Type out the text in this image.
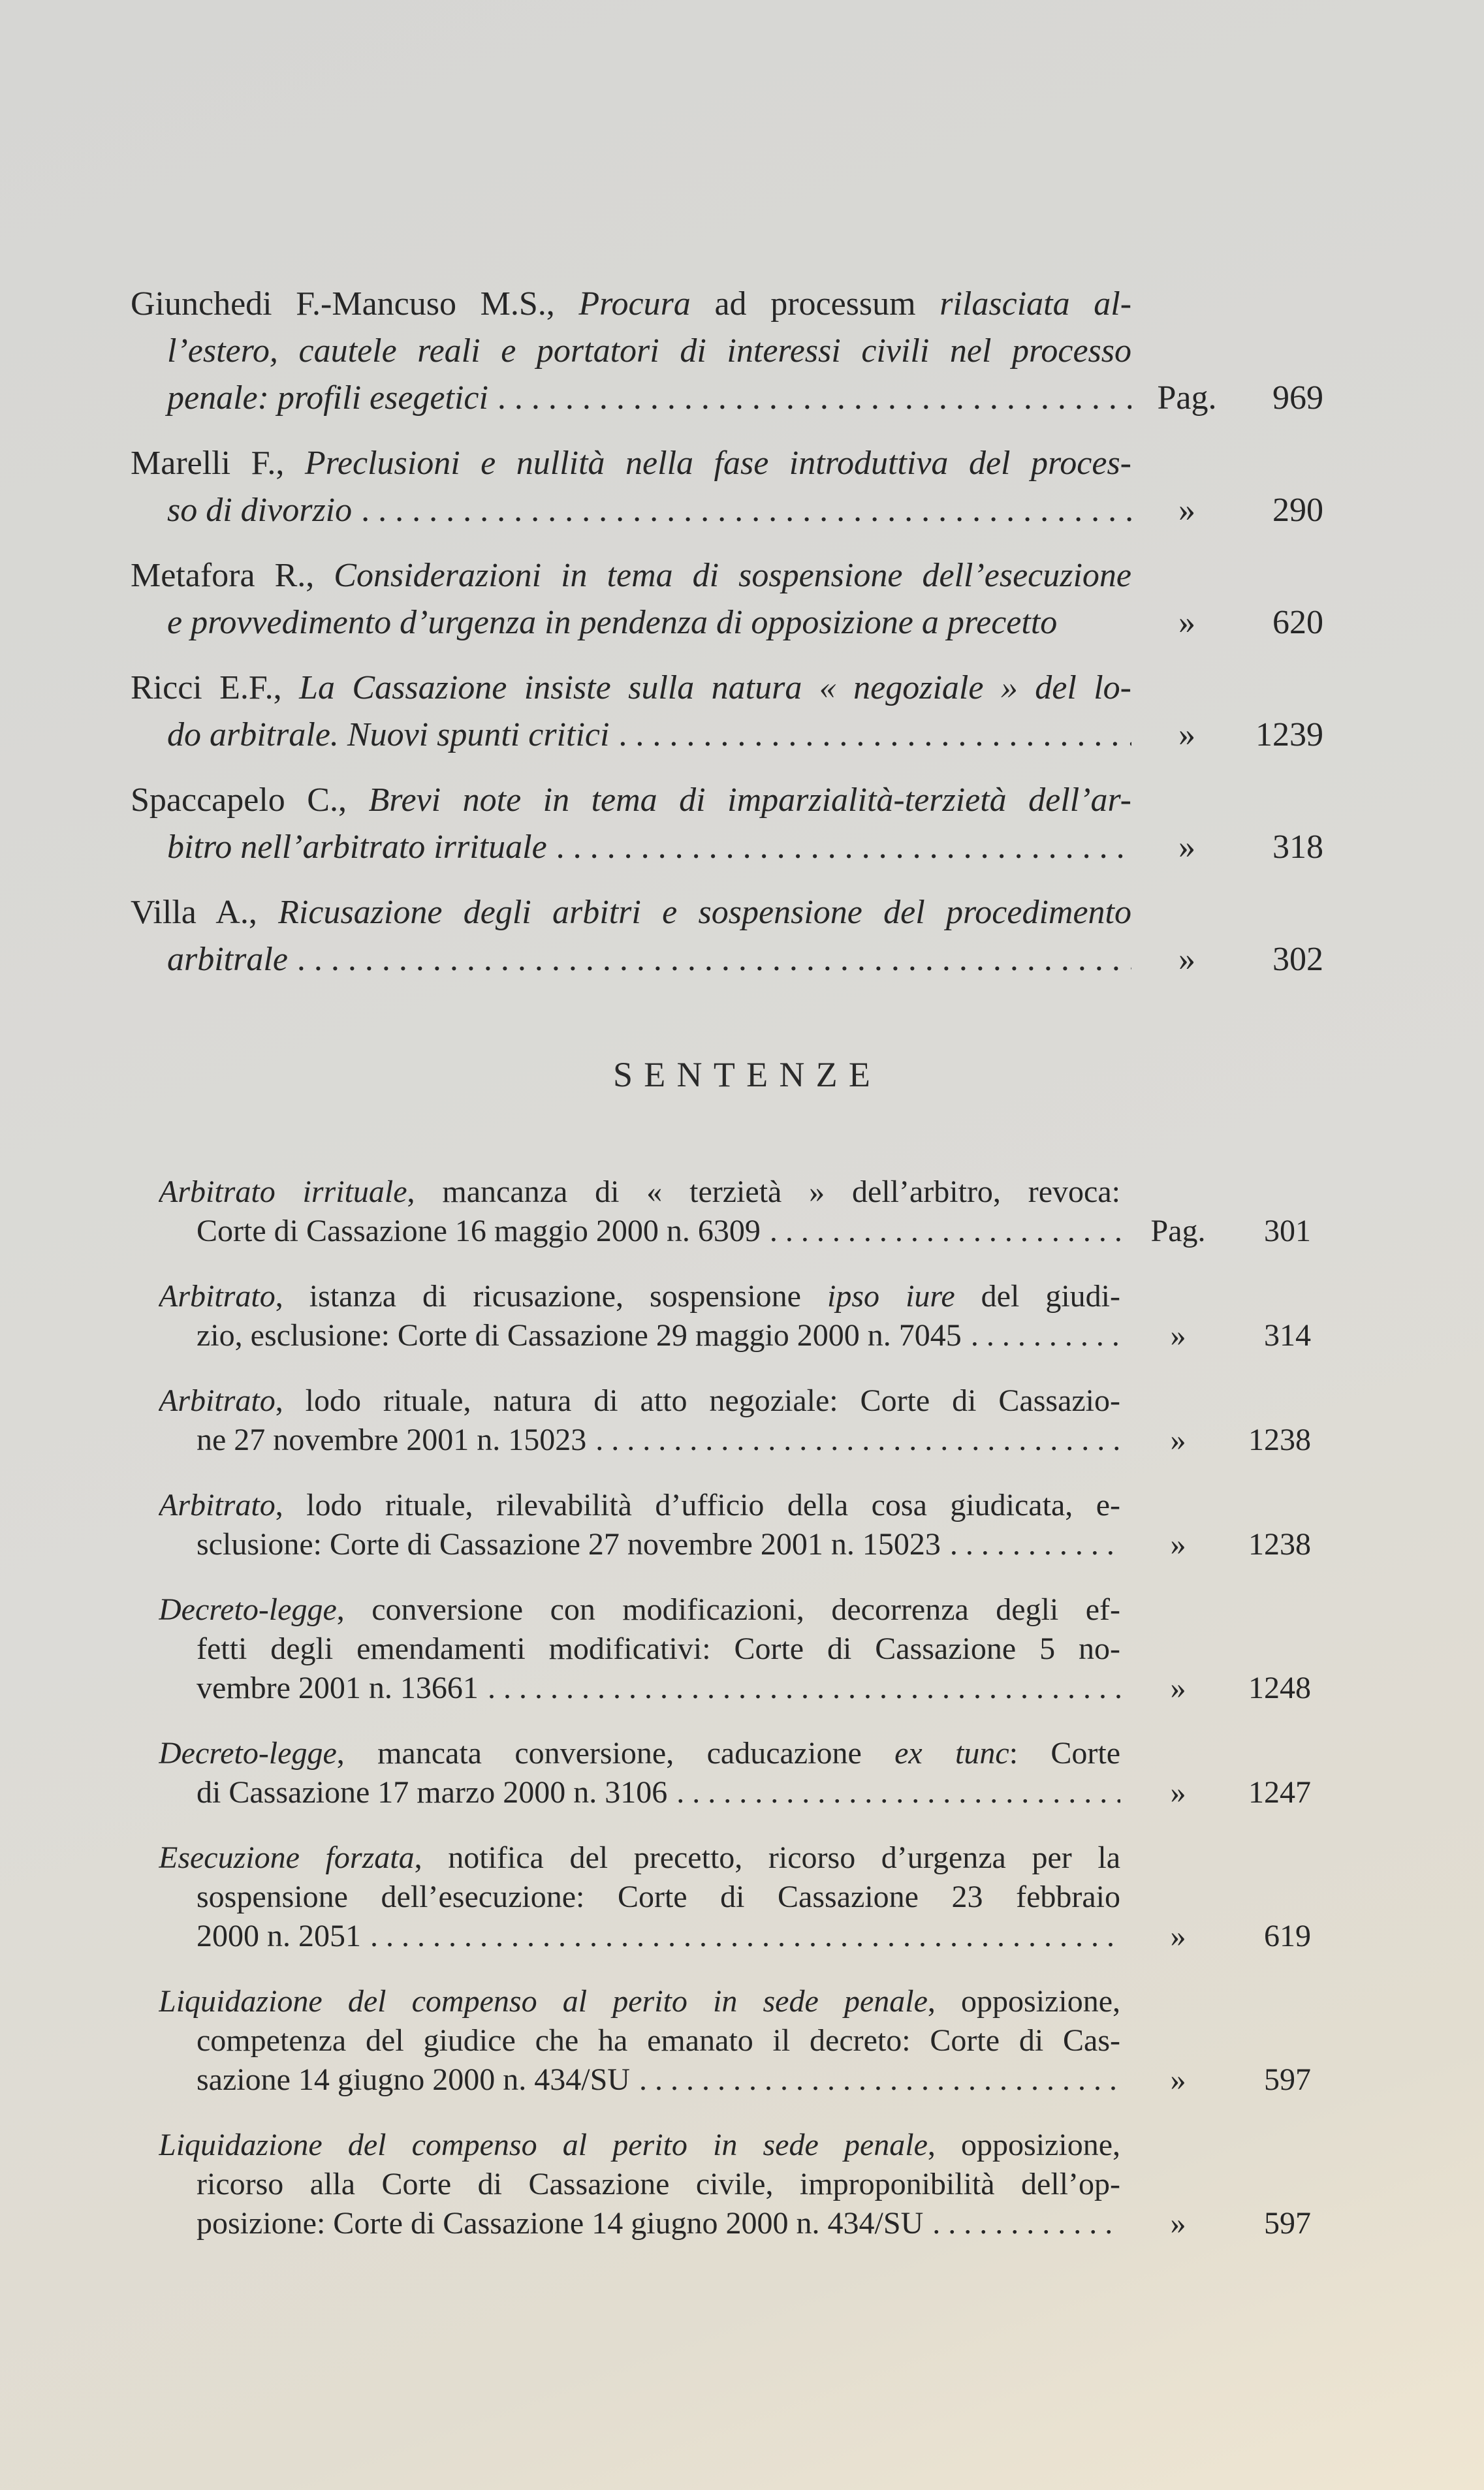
Giunchedi F.-Mancuso M.S., Procura ad processum rilasciata al-
l’estero, cautele reali e portatori di interessi civili nel processo
penale: profili esegetici . . .	Pag.	969
Marelli F., Preclusioni e nullità nella fase introduttiva del proces-
so di divorzio . . .	»	290
Metafora R., Considerazioni in tema di sospensione dell’esecuzione
e provvedimento d’urgenza in pendenza di opposizione a precetto	»	620
Ricci E.F., La Cassazione insiste sulla natura « negoziale » del lo-
do arbitrale. Nuovi spunti critici . . .	»	1239
Spaccapelo C., Brevi note in tema di imparzialità-terzietà dell’ar-
bitro nell’arbitrato irrituale . . .	»	318
Villa A., Ricusazione degli arbitri e sospensione del procedimento
arbitrale . . .	»	302
SENTENZE
Arbitrato irrituale, mancanza di « terzietà » dell’arbitro, revoca:
Corte di Cassazione 16 maggio 2000 n. 6309 . . .	Pag.	301
Arbitrato, istanza di ricusazione, sospensione ipso iure del giudi-
zio, esclusione: Corte di Cassazione 29 maggio 2000 n. 7045 . . .	»	314
Arbitrato, lodo rituale, natura di atto negoziale: Corte di Cassazio-
ne 27 novembre 2001 n. 15023 . . .	»	1238
Arbitrato, lodo rituale, rilevabilità d’ufficio della cosa giudicata, e-
sclusione: Corte di Cassazione 27 novembre 2001 n. 15023 . . .	»	1238
Decreto-legge, conversione con modificazioni, decorrenza degli ef-
fetti degli emendamenti modificativi: Corte di Cassazione 5 no-
vembre 2001 n. 13661 . . .	»	1248
Decreto-legge, mancata conversione, caducazione ex tunc: Corte
di Cassazione 17 marzo 2000 n. 3106 . . .	»	1247
Esecuzione forzata, notifica del precetto, ricorso d’urgenza per la
sospensione dell’esecuzione: Corte di Cassazione 23 febbraio
2000 n. 2051 . . .	»	619
Liquidazione del compenso al perito in sede penale, opposizione,
competenza del giudice che ha emanato il decreto: Corte di Cas-
sazione 14 giugno 2000 n. 434/SU . . .	»	597
Liquidazione del compenso al perito in sede penale, opposizione,
ricorso alla Corte di Cassazione civile, improponibilità dell’op-
posizione: Corte di Cassazione 14 giugno 2000 n. 434/SU . . .	»	597
